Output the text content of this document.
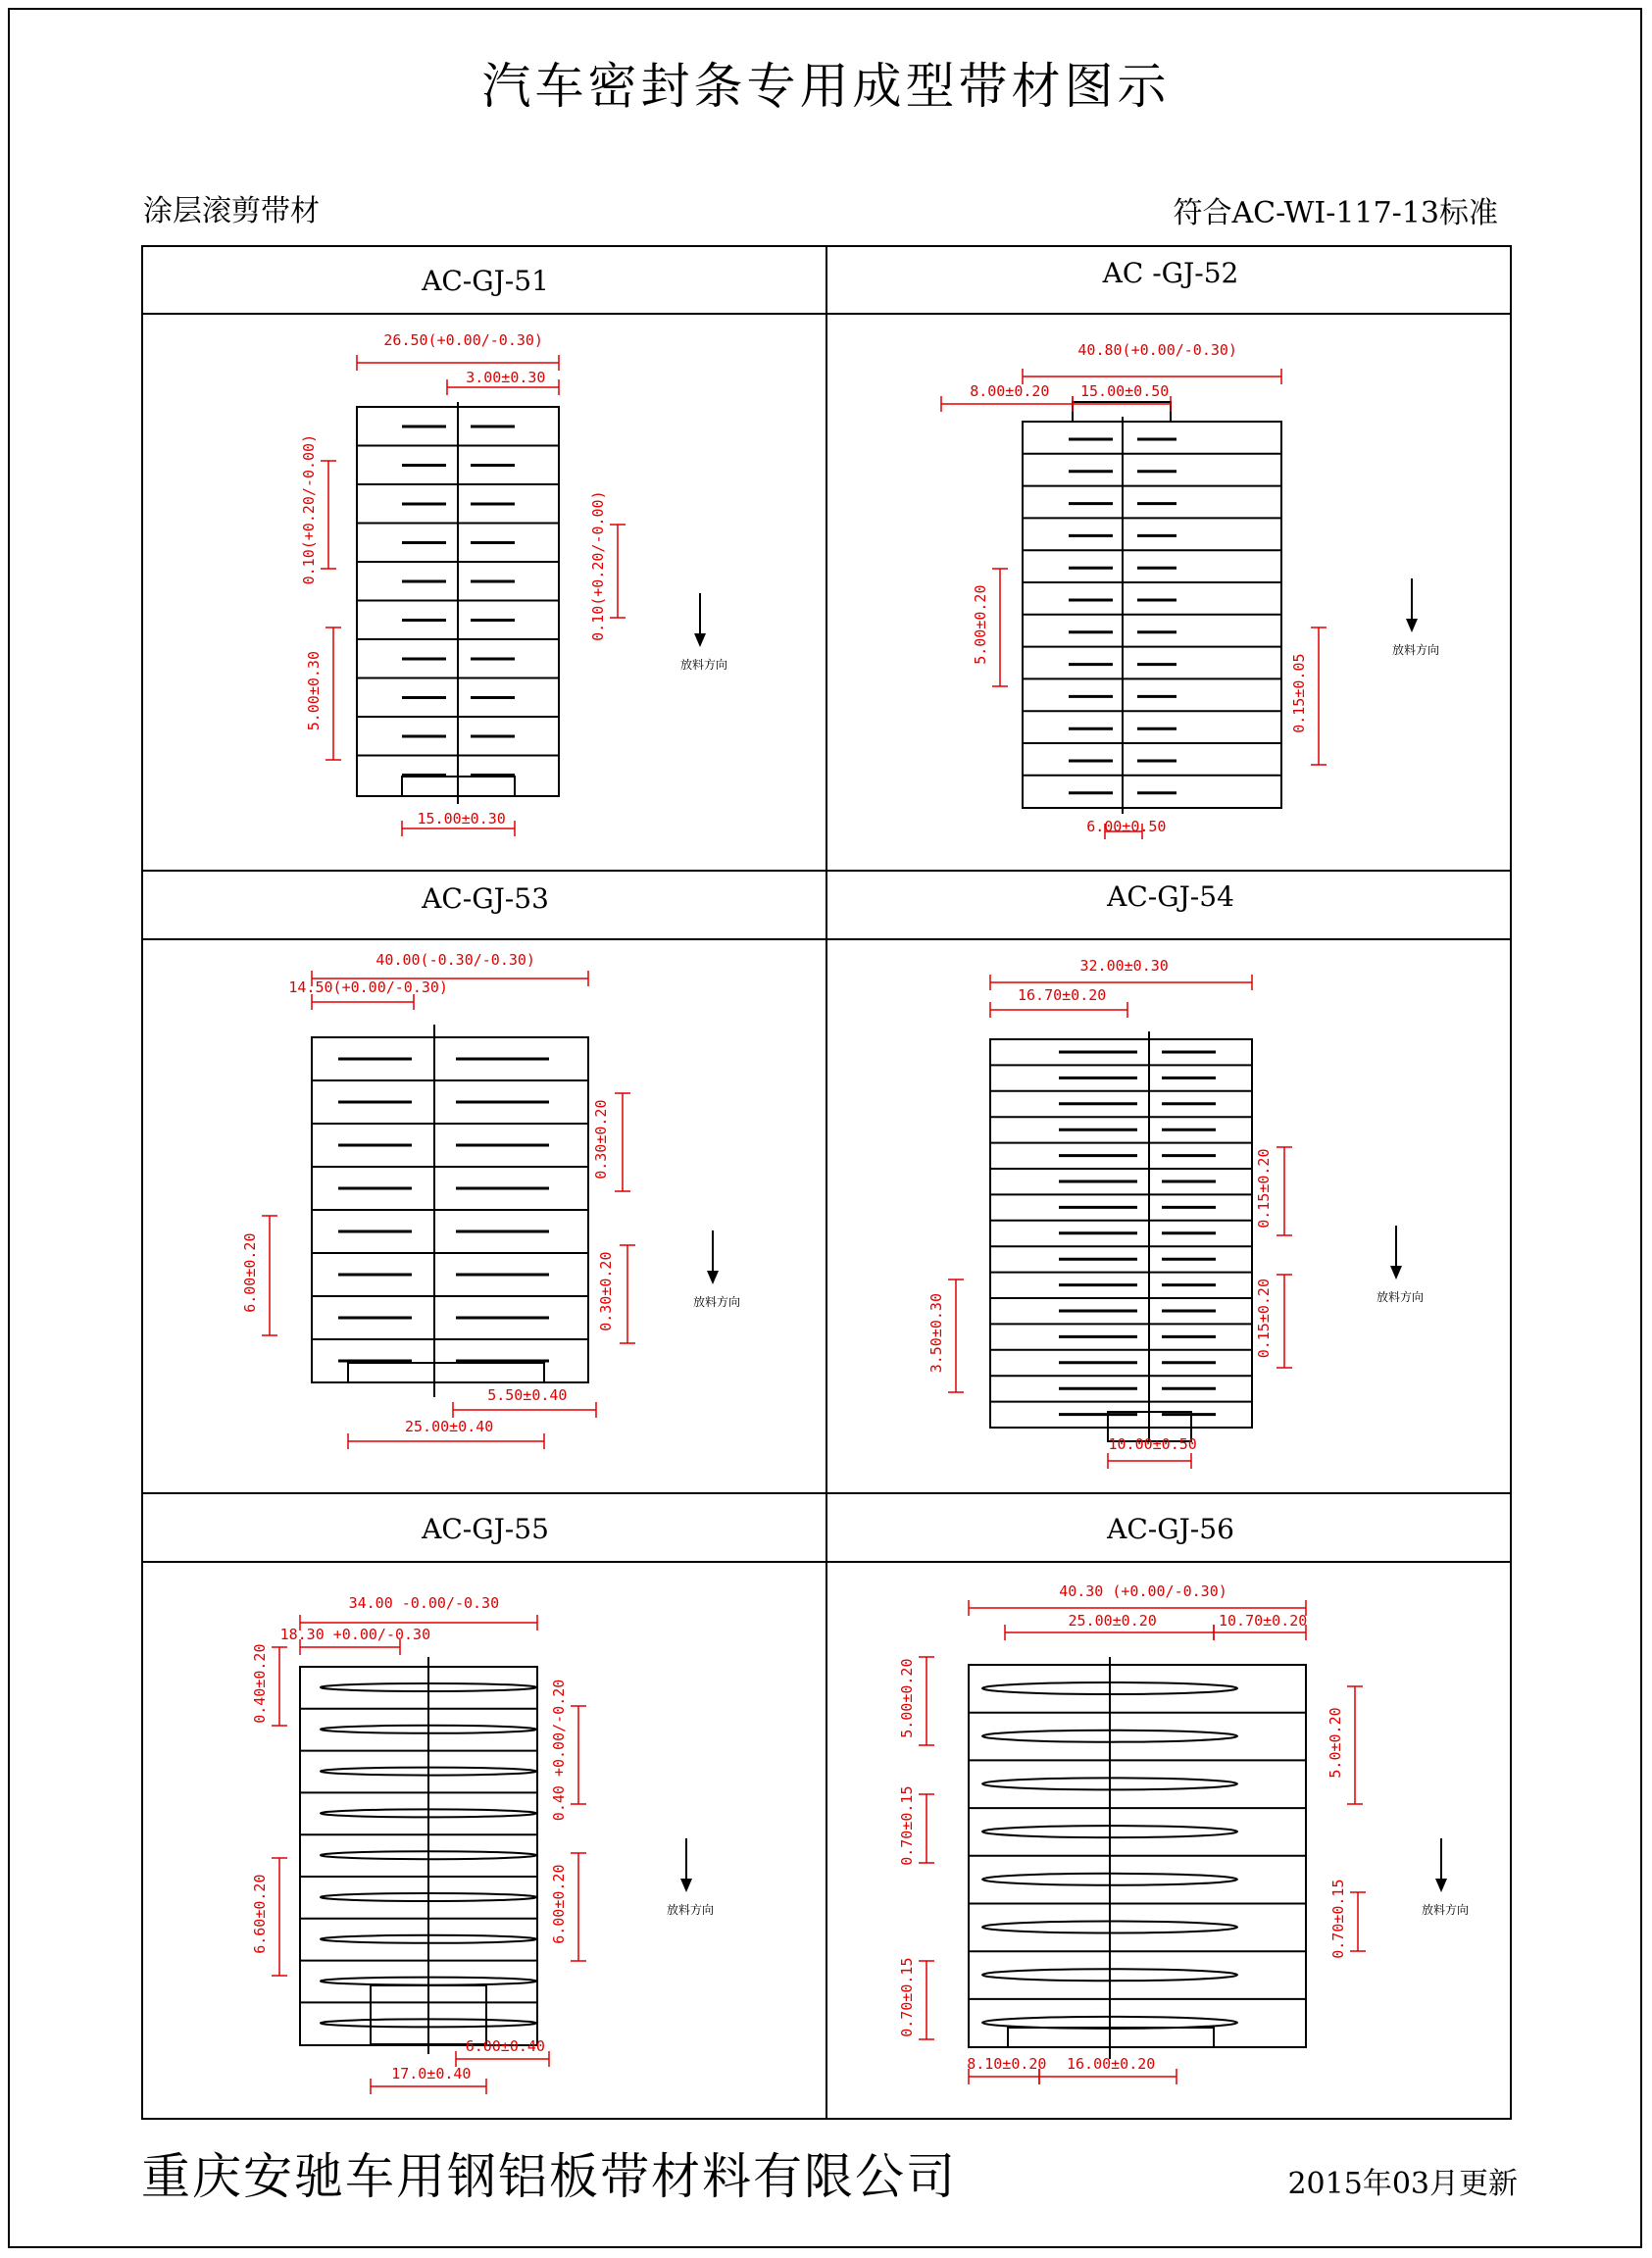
汽车密封条专用成型带材图示
涂层滚剪带材	符合AC-WI-117-13标准
重庆安驰车用钢铝板带材料有限公司	2015年03月更新
AC-GJ-51	AC -GJ-52
AC-GJ-53	AC-GJ-54
AC-GJ-55	AC-GJ-56
26.50(+0.00/-0.30)
3.00±0.30
0.10(+0.20/-0.00)	0.10(+0.20/-0.00)
5.00±0.30
15.00±0.30
放料方向
40.80(+0.00/-0.30)
8.00±0.20 15.00±0.50
5.00±0.20
0.15±0.05
6.00±0.50
放料方向
40.00(-0.30/-0.30)
14.50(+0.00/-0.30)
0.30±0.20
6.00±0.20	0.30±0.20
5.50±0.40
25.00±0.40
放料方向
32.00±0.30
16.70±0.20
0.15±0.20
3.50±0.30	0.15±0.20
10.00±0.50
放料方向
34.00 -0.00/-0.30
18.30 +0.00/-0.30
0.40±0.20	0.40 +0.00/-0.20
6.00±0.20
6.60±0.20
6.00±0.40
17.0±0.40
放料方向
40.30 (+0.00/-0.30)
25.00±0.20	10.70±0.20
5.00±0.20
5.0±0.20
0.70±0.15
0.70±0.15
0.70±0.15
8.10±0.20 16.00±0.20
放料方向
